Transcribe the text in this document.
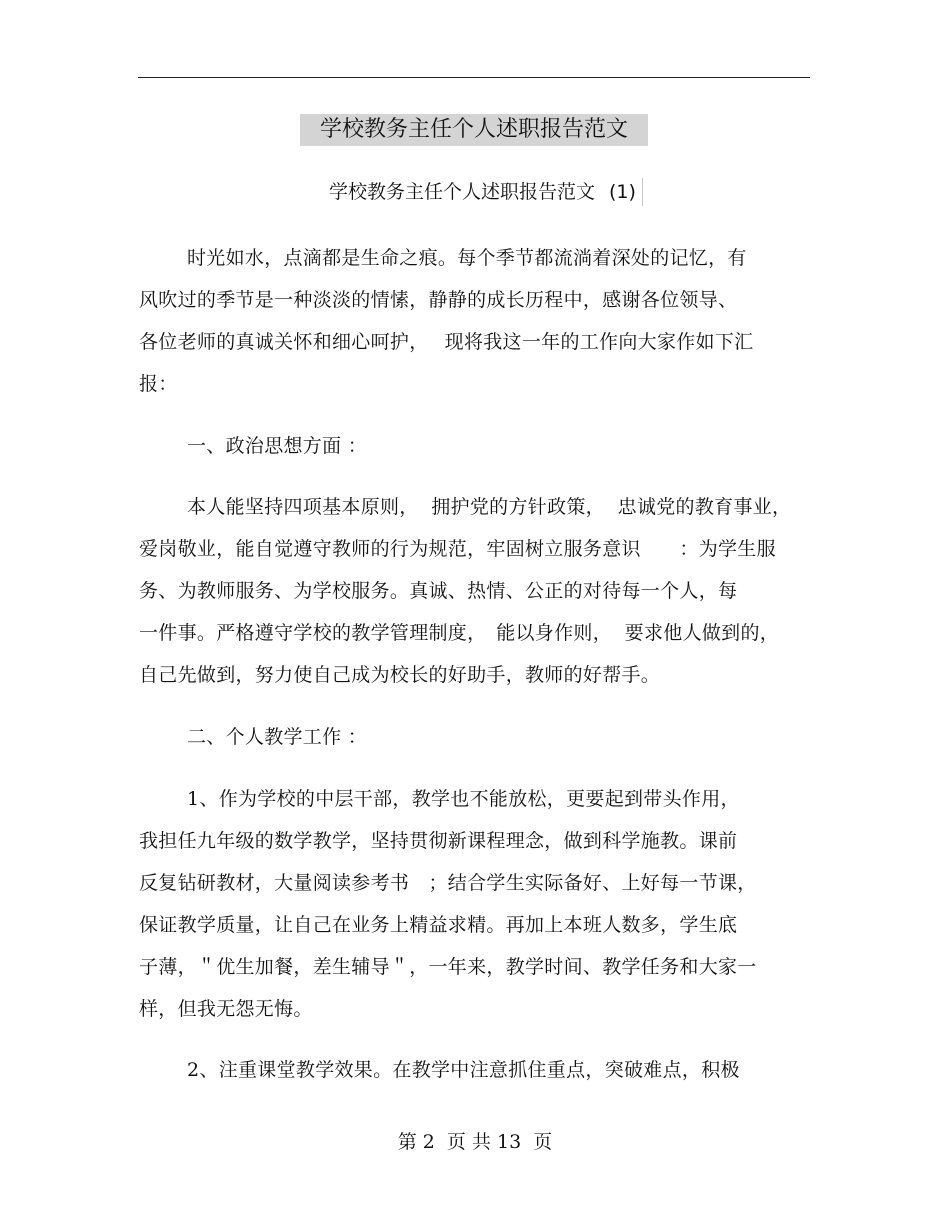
学校教务主任个人述职报告范文
学校教务主任个人述职报告范文 (1)
时光如水，点滴都是生命之痕。每个季节都流淌着深处的记忆，有
风吹过的季节是一种淡淡的情愫，静静的成长历程中，感谢各位领导、
各位老师的真诚关怀和细心呵护，　 现将我这一年的工作向大家作如下汇
报：
一、政治思想方面 ：
本人能坚持四项基本原则，  拥护党的方针政策，  忠诚党的教育事业，
爱岗敬业，能自觉遵守教师的行为规范，牢固树立服务意识　　：为学生服
务、为教师服务、为学校服务。真诚、热情、公正的对待每一个人，每
一件事。严格遵守学校的教学管理制度，　能以身作则，  要求他人做到的，
自己先做到，努力使自己成为校长的好助手，教师的好帮手。
二、个人教学工作 ：
1、作为学校的中层干部，教学也不能放松，更要起到带头作用，
我担任九年级的数学教学，坚持贯彻新课程理念，做到科学施教。课前
反复钻研教材，大量阅读参考书　；结合学生实际备好、上好每一节课，
保证教学质量，让自己在业务上精益求精。再加上本班人数多，学生底
子薄，＂优生加餐，差生辅导＂，一年来，教学时间、教学任务和大家一
样，但我无怨无悔。
2、注重课堂教学效果。在教学中注意抓住重点，突破难点，积极
第 2  页 共 13  页
